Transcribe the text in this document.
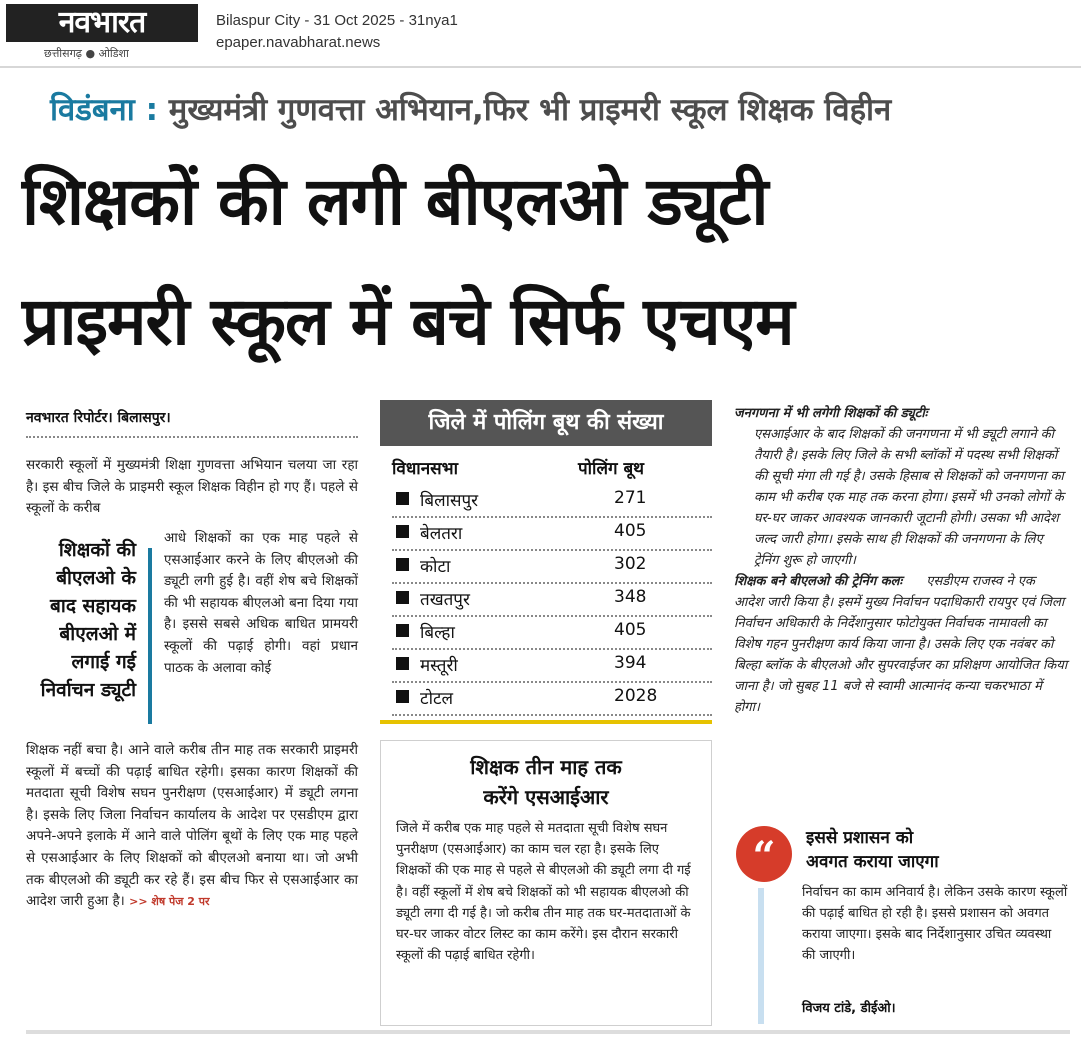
नवभारत
छत्तीसगढ़ ● ओडिशा
Bilaspur City - 31 Oct 2025 - 31nya1
epaper.navabharat.news
विडंबना : मुख्यमंत्री गुणवत्ता अभियान,फिर भी प्राइमरी स्कूल शिक्षक विहीन
शिक्षकों की लगी बीएलओ ड्यूटी
प्राइमरी स्कूल में बचे सिर्फ एचएम
नवभारत रिपोर्टर। बिलासपुर।
सरकारी स्कूलों में मुख्यमंत्री शिक्षा गुणवत्ता अभियान चलया जा रहा है। इस बीच जिले के प्राइमरी स्कूल शिक्षक विहीन हो गए हैं। पहले से स्कूलों के करीब
शिक्षकों की बीएलओ के बाद सहायक बीएलओ में लगाई गई निर्वाचन ड्यूटी
आधे शिक्षकों का एक माह पहले से एसआईआर करने के लिए बीएलओ की ड्यूटी लगी हुई है। वहीं शेष बचे शिक्षकों की भी सहायक बीएलओ बना दिया गया है। इससे सबसे अधिक बाधित प्रामयरी स्कूलों की पढ़ाई होगी। वहां प्रधान पाठक के अलावा कोई
शिक्षक नहीं बचा है। आने वाले करीब तीन माह तक सरकारी प्राइमरी स्कूलों में बच्चों की पढ़ाई बाधित रहेगी। इसका कारण शिक्षकों की मतदाता सूची विशेष सघन पुनरीक्षण (एसआईआर) में ड्यूटी लगना है। इसके लिए जिला निर्वाचन कार्यालय के आदेश पर एसडीएम द्वारा अपने-अपने इलाके में आने वाले पोलिंग बूथों के लिए एक माह पहले से एसआईआर के लिए शिक्षकों को बीएलओ बनाया था। जो अभी तक बीएलओ की ड्यूटी कर रहे हैं। इस बीच फिर से एसआईआर का आदेश जारी हुआ है। >> शेष पेज 2 पर
जिले में पोलिंग बूथ की संख्या
विधानसभा	पोलिंग बूथ
बिलासपुर	271
बेलतरा	405
कोटा	302
तखतपुर	348
बिल्हा	405
मस्तूरी	394
टोटल	2028
शिक्षक तीन माह तक
करेंगे एसआईआर
जिले में करीब एक माह पहले से मतदाता सूची विशेष सघन पुनरीक्षण (एसआईआर) का काम चल रहा है। इसके लिए शिक्षकों की एक माह से पहले से बीएलओ की ड्यूटी लगा दी गई है। वहीं स्कूलों में शेष बचे शिक्षकों को भी सहायक बीएलओ की ड्यूटी लगा दी गई है। जो करीब तीन माह तक घर-मतदाताओं के घर-घर जाकर वोटर लिस्ट का काम करेंगे। इस दौरान सरकारी स्कूलों की पढ़ाई बाधित रहेगी।
जनगणना में भी लगेगी शिक्षकों की ड्यूटीः
एसआईआर के बाद शिक्षकों की जनगणना में भी ड्यूटी लगाने की तैयारी है। इसके लिए जिले के सभी ब्लॉकों में पदस्थ सभी शिक्षकों की सूची मंगा ली गई है। उसके हिसाब से शिक्षकों को जनगणना का काम भी करीब एक माह तक करना होगा। इसमें भी उनको लोगों के घर-घर जाकर आवश्यक जानकारी जूटानी होगी। उसका भी आदेश जल्द जारी होगा। इसके साथ ही शिक्षकों की जनगणना के लिए ट्रेनिंग शुरू हो जाएगी।
शिक्षक बने बीएलओ की ट्रेनिंग कलः एसडीएम राजस्व ने एक आदेश जारी किया है। इसमें मुख्य निर्वाचन पदाधिकारी रायपुर एवं जिला निर्वाचन अधिकारी के निर्देशानुसार फोटोयुक्त निर्वाचक नामावली का विशेष गहन पुनरीक्षण कार्य किया जाना है। उसके लिए एक नवंबर को बिल्हा ब्लॉक के बीएलओ और सुपरवाईजर का प्रशिक्षण आयोजित किया जाना है। जो सुबह 11 बजे से स्वामी आत्मानंद कन्या चकरभाठा में होगा।
“	इससे प्रशासन को
अवगत कराया जाएगा
निर्वाचन का काम अनिवार्य है। लेकिन उसके कारण स्कूलों की पढ़ाई बाधित हो रही है। इससे प्रशासन को अवगत कराया जाएगा। इसके बाद निर्देशानुसार उचित व्यवस्था की जाएगी।
विजय टांडे, डीईओ।
